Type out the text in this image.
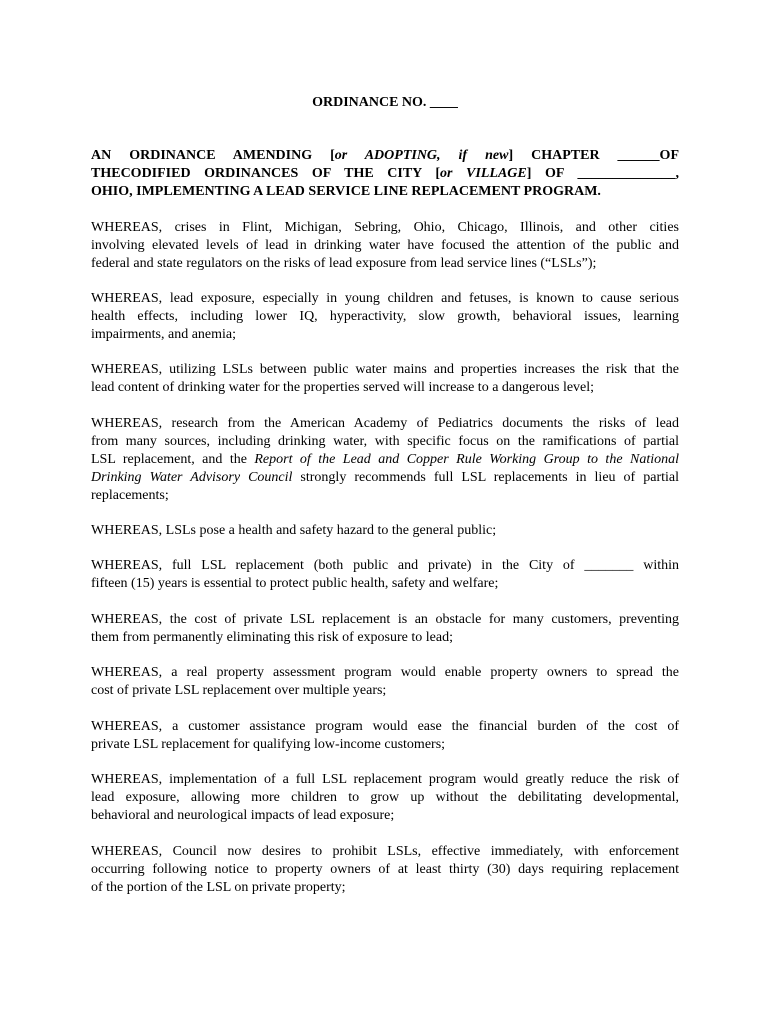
ORDINANCE NO. ____
AN ORDINANCE AMENDING [or ADOPTING, if new] CHAPTER ______OF
THECODIFIED ORDINANCES OF THE CITY [or VILLAGE] OF ______________,
OHIO, IMPLEMENTING A LEAD SERVICE LINE REPLACEMENT PROGRAM.

WHEREAS, crises in Flint, Michigan, Sebring, Ohio, Chicago, Illinois, and other cities
involving elevated levels of lead in drinking water have focused the attention of the public and
federal and state regulators on the risks of lead exposure from lead service lines (“LSLs”);

WHEREAS, lead exposure, especially in young children and fetuses, is known to cause serious
health effects, including lower IQ, hyperactivity, slow growth, behavioral issues, learning
impairments, and anemia;

WHEREAS, utilizing LSLs between public water mains and properties increases the risk that the
lead content of drinking water for the properties served will increase to a dangerous level;

WHEREAS, research from the American Academy of Pediatrics documents the risks of lead
from many sources, including drinking water, with specific focus on the ramifications of partial
LSL replacement, and the Report of the Lead and Copper Rule Working Group to the National
Drinking Water Advisory Council strongly recommends full LSL replacements in lieu of partial
replacements;

WHEREAS, LSLs pose a health and safety hazard to the general public;

WHEREAS, full LSL replacement (both public and private) in the City of _______ within
fifteen (15) years is essential to protect public health, safety and welfare;

WHEREAS, the cost of private LSL replacement is an obstacle for many customers, preventing
them from permanently eliminating this risk of exposure to lead;

WHEREAS, a real property assessment program would enable property owners to spread the
cost of private LSL replacement over multiple years;

WHEREAS, a customer assistance program would ease the financial burden of the cost of
private LSL replacement for qualifying low-income customers;

WHEREAS, implementation of a full LSL replacement program would greatly reduce the risk of
lead exposure, allowing more children to grow up without the debilitating developmental,
behavioral and neurological impacts of lead exposure;

WHEREAS, Council now desires to prohibit LSLs, effective immediately, with enforcement
occurring following notice to property owners of at least thirty (30) days requiring replacement
of the portion of the LSL on private property;
